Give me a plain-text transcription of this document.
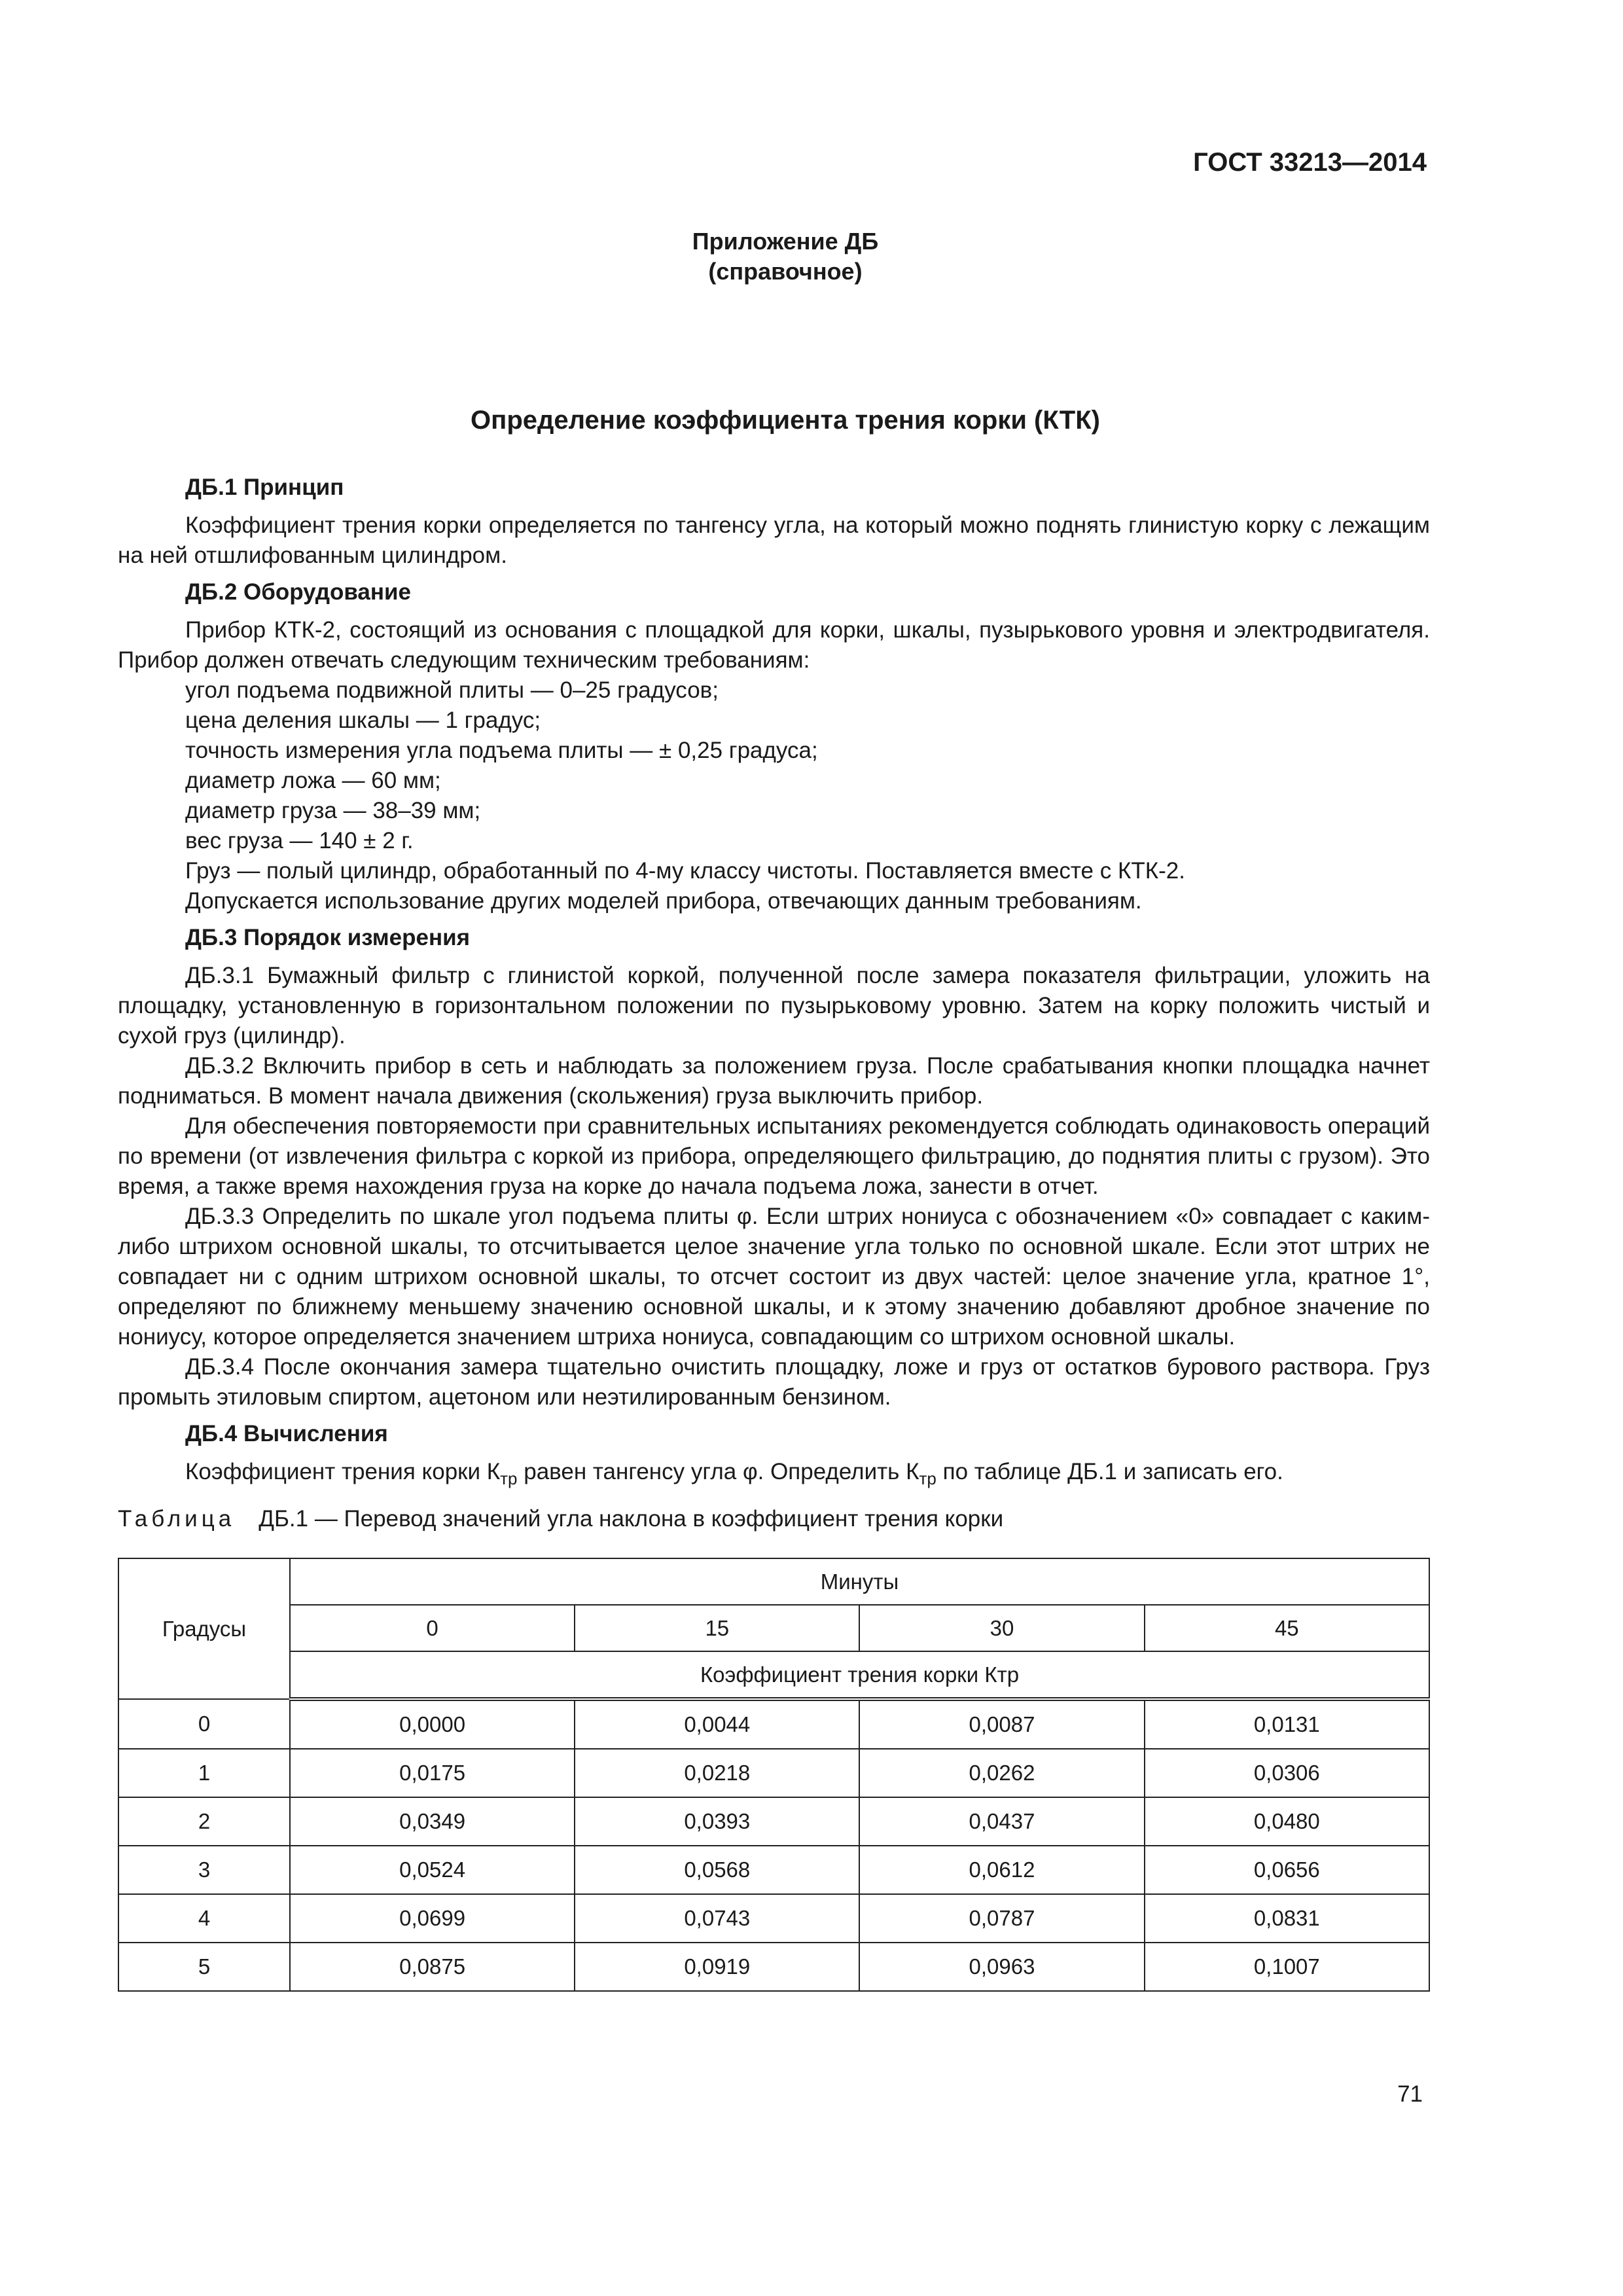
ГОСТ 33213—2014
Приложение ДБ
(справочное)
Определение коэффициента трения корки (КТК)
ДБ.1 Принцип

Коэффициент трения корки определяется по тангенсу угла, на который можно поднять глинистую корку с лежащим на ней отшлифованным цилиндром.

ДБ.2 Оборудование

Прибор КТК-2, состоящий из основания с площадкой для корки, шкалы, пузырькового уровня и электродвигателя. Прибор должен отвечать следующим техническим требованиям:

угол подъема подвижной плиты — 0–25 градусов;

цена деления шкалы — 1 градус;

точность измерения угла подъема плиты — ± 0,25 градуса;

диаметр ложа — 60 мм;

диаметр груза — 38–39 мм;

вес груза — 140 ± 2 г.

Груз — полый цилиндр, обработанный по 4-му классу чистоты. Поставляется вместе с КТК-2.

Допускается использование других моделей прибора, отвечающих данным требованиям.

ДБ.3 Порядок измерения

ДБ.3.1 Бумажный фильтр с глинистой коркой, полученной после замера показателя фильтрации, уложить на площадку, установленную в горизонтальном положении по пузырьковому уровню. Затем на корку положить чистый и сухой груз (цилиндр).

ДБ.3.2 Включить прибор в сеть и наблюдать за положением груза. После срабатывания кнопки площадка начнет подниматься. В момент начала движения (скольжения) груза выключить прибор.

Для обеспечения повторяемости при сравнительных испытаниях рекомендуется соблюдать одинаковость операций по времени (от извлечения фильтра с коркой из прибора, определяющего фильтрацию, до поднятия плиты с грузом). Это время, а также время нахождения груза на корке до начала подъема ложа, занести в отчет.

ДБ.3.3 Определить по шкале угол подъема плиты φ. Если штрих нониуса с обозначением «0» совпадает с каким-либо штрихом основной шкалы, то отсчитывается целое значение угла только по основной шкале. Если этот штрих не совпадает ни с одним штрихом основной шкалы, то отсчет состоит из двух частей: целое значение угла, кратное 1°, определяют по ближнему меньшему значению основной шкалы, и к этому значению добавляют дробное значение по нониусу, которое определяется значением штриха нониуса, совпадающим со штрихом основной шкалы.

ДБ.3.4 После окончания замера тщательно очистить площадку, ложе и груз от остатков бурового раствора. Груз промыть этиловым спиртом, ацетоном или неэтилированным бензином.

ДБ.4 Вычисления

Коэффициент трения корки $К_{тр}$ равен тангенсу угла φ. Определить $К_{тр}$ по таблице ДБ.1 и записать его.

Таблица ДБ.1 — Перевод значений угла наклона в коэффициент трения корки
Градусы	Минуты			
	0	15	30	45
	Коэффициент трения корки Ктр			
0	0,0000	0,0044	0,0087	0,0131
1	0,0175	0,0218	0,0262	0,0306
2	0,0349	0,0393	0,0437	0,0480
3	0,0524	0,0568	0,0612	0,0656
4	0,0699	0,0743	0,0787	0,0831
5	0,0875	0,0919	0,0963	0,1007
71
